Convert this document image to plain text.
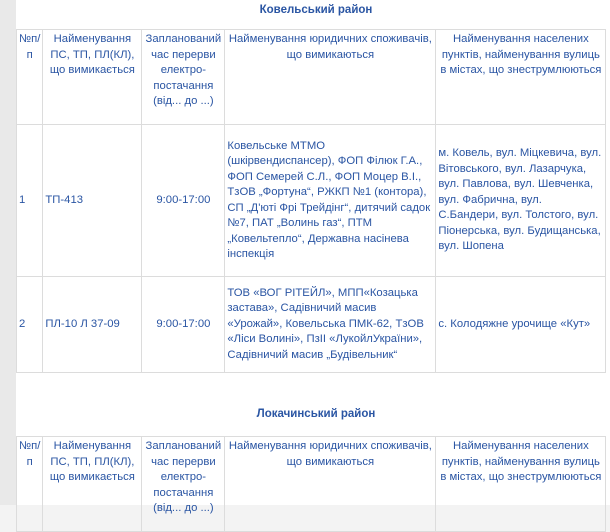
Ковельський район
№п/п	Найменування ПС, ТП, ПЛ(КЛ), що вимикається	Запланований час перерви електро-постачання (від... до ...)	Найменування юридичних споживачів, що вимикаються	Найменування населених пунктів, найменування вулиць в містах, що знеструмлюються
1	ТП-413	9:00-17:00	Ковельське МТМО (шкірвендиспансер), ФОП Філюк Г.А., ФОП Семерей С.Л., ФОП Моцер В.І., ТзОВ „Фортуна“, РЖКП №1 (контора), СП „Д'юті Фрі Трейдінг“, дитячий садок №7, ПАТ „Волинь газ“, ПТМ „Ковельтепло“, Державна насінева інспекція	м. Ковель, вул. Міцкевича, вул. Вітовського, вул. Лазарчука, вул. Павлова, вул. Шевченка, вул. Фабрична, вул. С.Бандери, вул. Толстого, вул. Піонерська, вул. Будищанська, вул. Шопена
2	ПЛ-10 Л 37-09	9:00-17:00	ТОВ «ВОГ РІТЕЙЛ», МПП«Козацька застава», Садівничий масив «Урожай», Ковельська ПМК-62, ТзОВ «Ліси Волині», ПзІІ «ЛукойлУкраїни», Садівничий масив „Будівельник“	с. Колодяжне урочище «Кут»
Локачинський район
№п/п	Найменування ПС, ТП, ПЛ(КЛ), що вимикається	Запланований час перерви електро-постачання (від... до ...)	Найменування юридичних споживачів, що вимикаються	Найменування населених пунктів, найменування вулиць в містах, що знеструмлюються
